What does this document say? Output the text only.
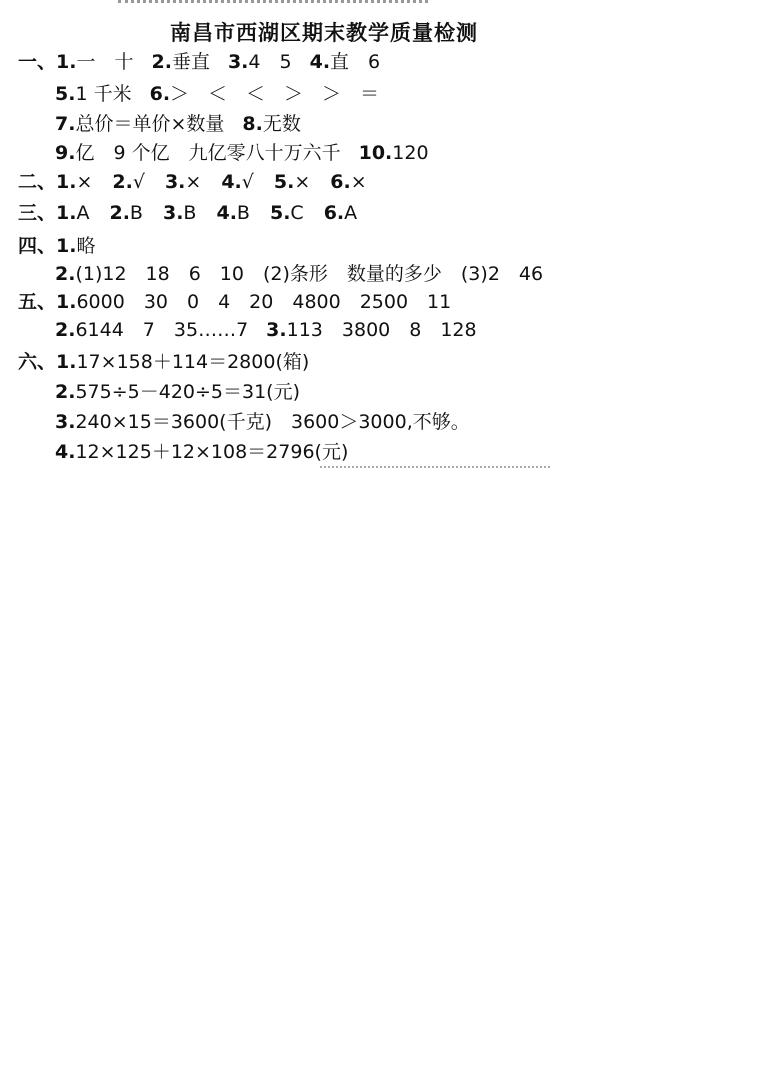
南昌市西湖区期末教学质量检测
一、1.一　十 2.垂直 3.4　5 4.直　6
5.1 千米 6.＞　＜　＜　＞　＞　＝
7.总价＝单价×数量 8.无数
9.亿　9 个亿　九亿零八十万六千 10.120
二、1.× 2.√ 3.× 4.√ 5.× 6.×
三、1.A 2.B 3.B 4.B 5.C 6.A
四、1.略
2.(1)12　18　6　10　(2)条形　数量的多少　(3)2　46
五、1.6000　30　0　4　20　4800　2500　11
2.6144　7　35……7 3.113　3800　8　128
六、1.17×158＋114＝2800(箱)
2.575÷5－420÷5＝31(元)
3.240×15＝3600(千克)　3600＞3000,不够。
4.12×125＋12×108＝2796(元)
